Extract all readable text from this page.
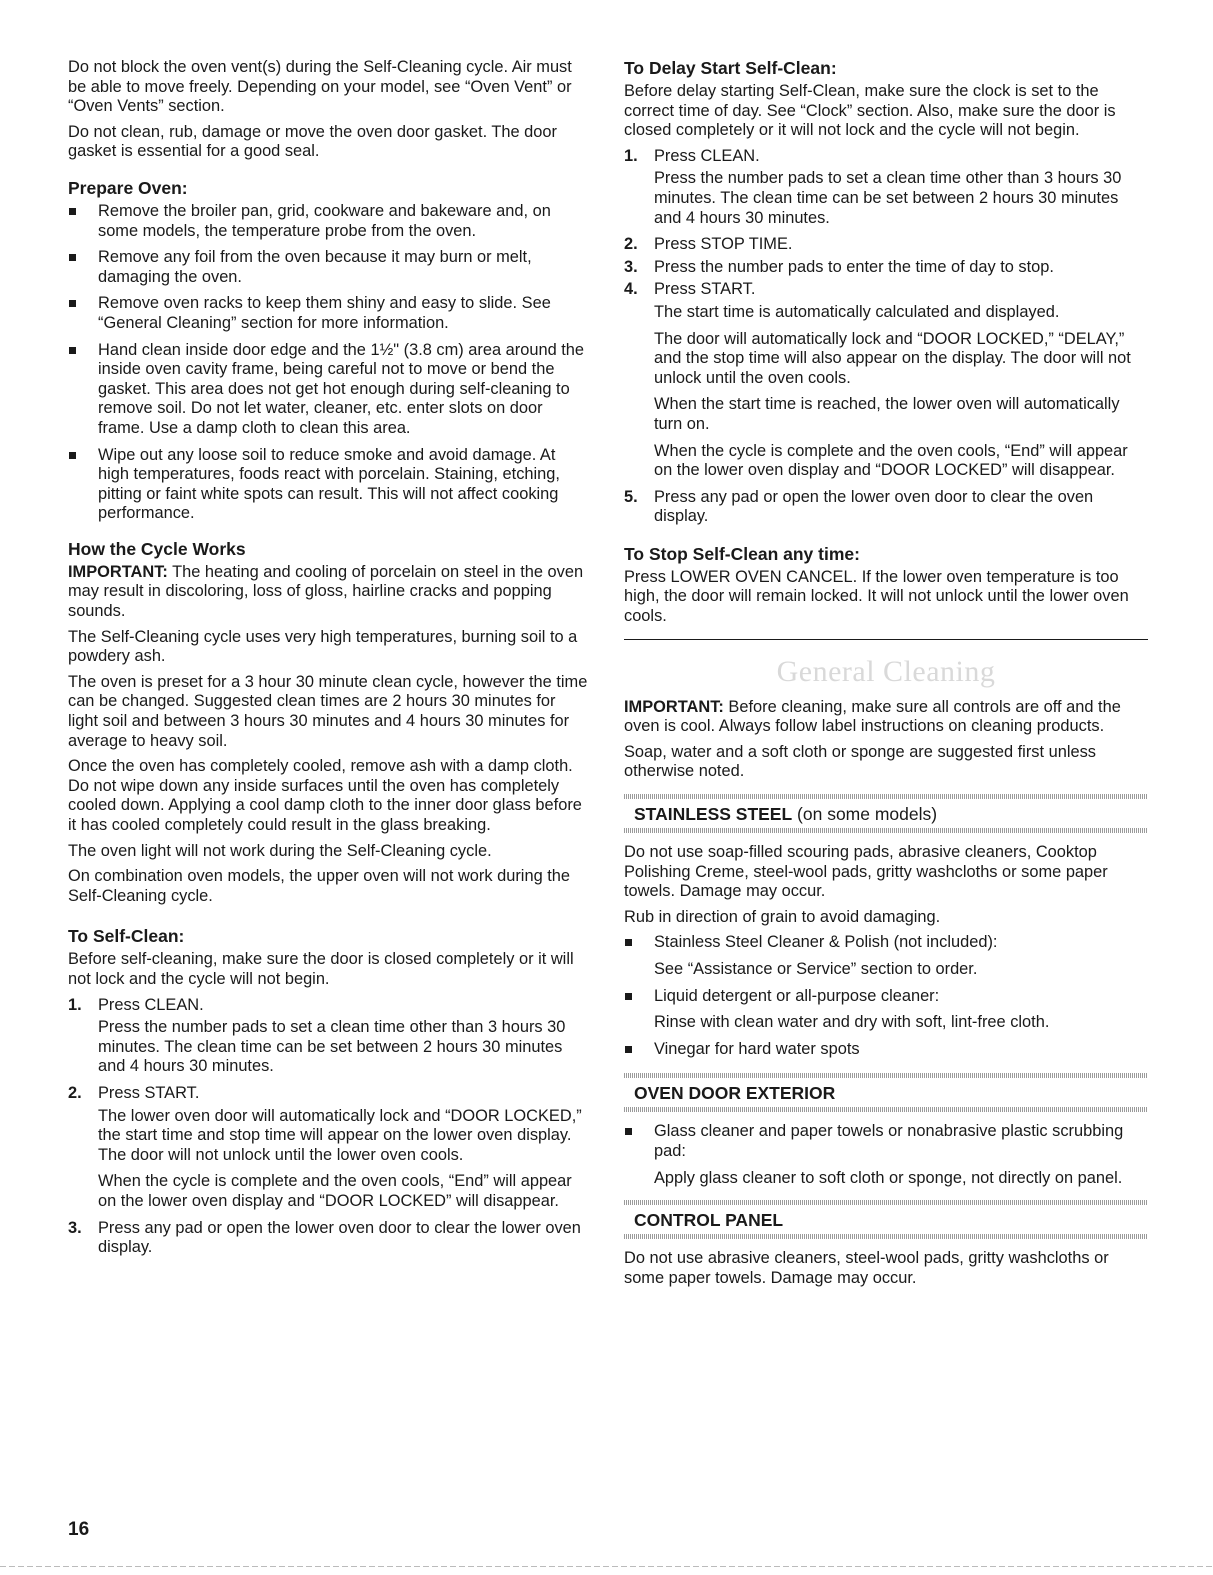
Do not block the oven vent(s) during the Self-Cleaning cycle. Air must be able to move freely. Depending on your model, see “Oven Vent” or “Oven Vents” section.

Do not clean, rub, damage or move the oven door gasket. The door gasket is essential for a good seal.

Prepare Oven:
Remove the broiler pan, grid, cookware and bakeware and, on some models, the temperature probe from the oven.
Remove any foil from the oven because it may burn or melt, damaging the oven.
Remove oven racks to keep them shiny and easy to slide. See “General Cleaning” section for more information.
Hand clean inside door edge and the 1½" (3.8 cm) area around the inside oven cavity frame, being careful not to move or bend the gasket. This area does not get hot enough during self-cleaning to remove soil. Do not let water, cleaner, etc. enter slots on door frame. Use a damp cloth to clean this area.
Wipe out any loose soil to reduce smoke and avoid damage. At high temperatures, foods react with porcelain. Staining, etching, pitting or faint white spots can result. This will not affect cooking performance.
How the Cycle Works

IMPORTANT: The heating and cooling of porcelain on steel in the oven may result in discoloring, loss of gloss, hairline cracks and popping sounds.

The Self-Cleaning cycle uses very high temperatures, burning soil to a powdery ash.

The oven is preset for a 3 hour 30 minute clean cycle, however the time can be changed. Suggested clean times are 2 hours 30 minutes for light soil and between 3 hours 30 minutes and 4 hours 30 minutes for average to heavy soil.

Once the oven has completely cooled, remove ash with a damp cloth. Do not wipe down any inside surfaces until the oven has completely cooled down. Applying a cool damp cloth to the inner door glass before it has cooled completely could result in the glass breaking.

The oven light will not work during the Self-Cleaning cycle.

On combination oven models, the upper oven will not work during the Self-Cleaning cycle.

To Self-Clean:

Before self-cleaning, make sure the door is closed completely or it will not lock and the cycle will not begin.

1. Press CLEAN.
Press the number pads to set a clean time other than 3 hours 30 minutes. The clean time can be set between 2 hours 30 minutes and 4 hours 30 minutes.
2. Press START.
The lower oven door will automatically lock and “DOOR LOCKED,” the start time and stop time will appear on the lower oven display. The door will not unlock until the lower oven cools.
When the cycle is complete and the oven cools, “End” will appear on the lower oven display and “DOOR LOCKED” will disappear.
3. Press any pad or open the lower oven door to clear the lower oven display.
To Delay Start Self-Clean:

Before delay starting Self-Clean, make sure the clock is set to the correct time of day. See “Clock” section. Also, make sure the door is closed completely or it will not lock and the cycle will not begin.

1. Press CLEAN.
Press the number pads to set a clean time other than 3 hours 30 minutes. The clean time can be set between 2 hours 30 minutes and 4 hours 30 minutes.
2. Press STOP TIME.
3. Press the number pads to enter the time of day to stop.
4. Press START.
The start time is automatically calculated and displayed.
The door will automatically lock and “DOOR LOCKED,” “DELAY,” and the stop time will also appear on the display. The door will not unlock until the oven cools.
When the start time is reached, the lower oven will automatically turn on.
When the cycle is complete and the oven cools, “End” will appear on the lower oven display and “DOOR LOCKED” will disappear.
5. Press any pad or open the lower oven door to clear the oven display.
To Stop Self-Clean any time:

Press LOWER OVEN CANCEL. If the lower oven temperature is too high, the door will remain locked. It will not unlock until the lower oven cools.

General Cleaning

IMPORTANT: Before cleaning, make sure all controls are off and the oven is cool. Always follow label instructions on cleaning products.

Soap, water and a soft cloth or sponge are suggested first unless otherwise noted.

STAINLESS STEEL (on some models)

Do not use soap-filled scouring pads, abrasive cleaners, Cooktop Polishing Creme, steel-wool pads, gritty washcloths or some paper towels. Damage may occur.

Rub in direction of grain to avoid damaging.

Stainless Steel Cleaner & Polish (not included):
See “Assistance or Service” section to order.
Liquid detergent or all-purpose cleaner:
Rinse with clean water and dry with soft, lint-free cloth.
Vinegar for hard water spots
OVEN DOOR EXTERIOR
Glass cleaner and paper towels or nonabrasive plastic scrubbing pad:
Apply glass cleaner to soft cloth or sponge, not directly on panel.
CONTROL PANEL

Do not use abrasive cleaners, steel-wool pads, gritty washcloths or some paper towels. Damage may occur.

16
